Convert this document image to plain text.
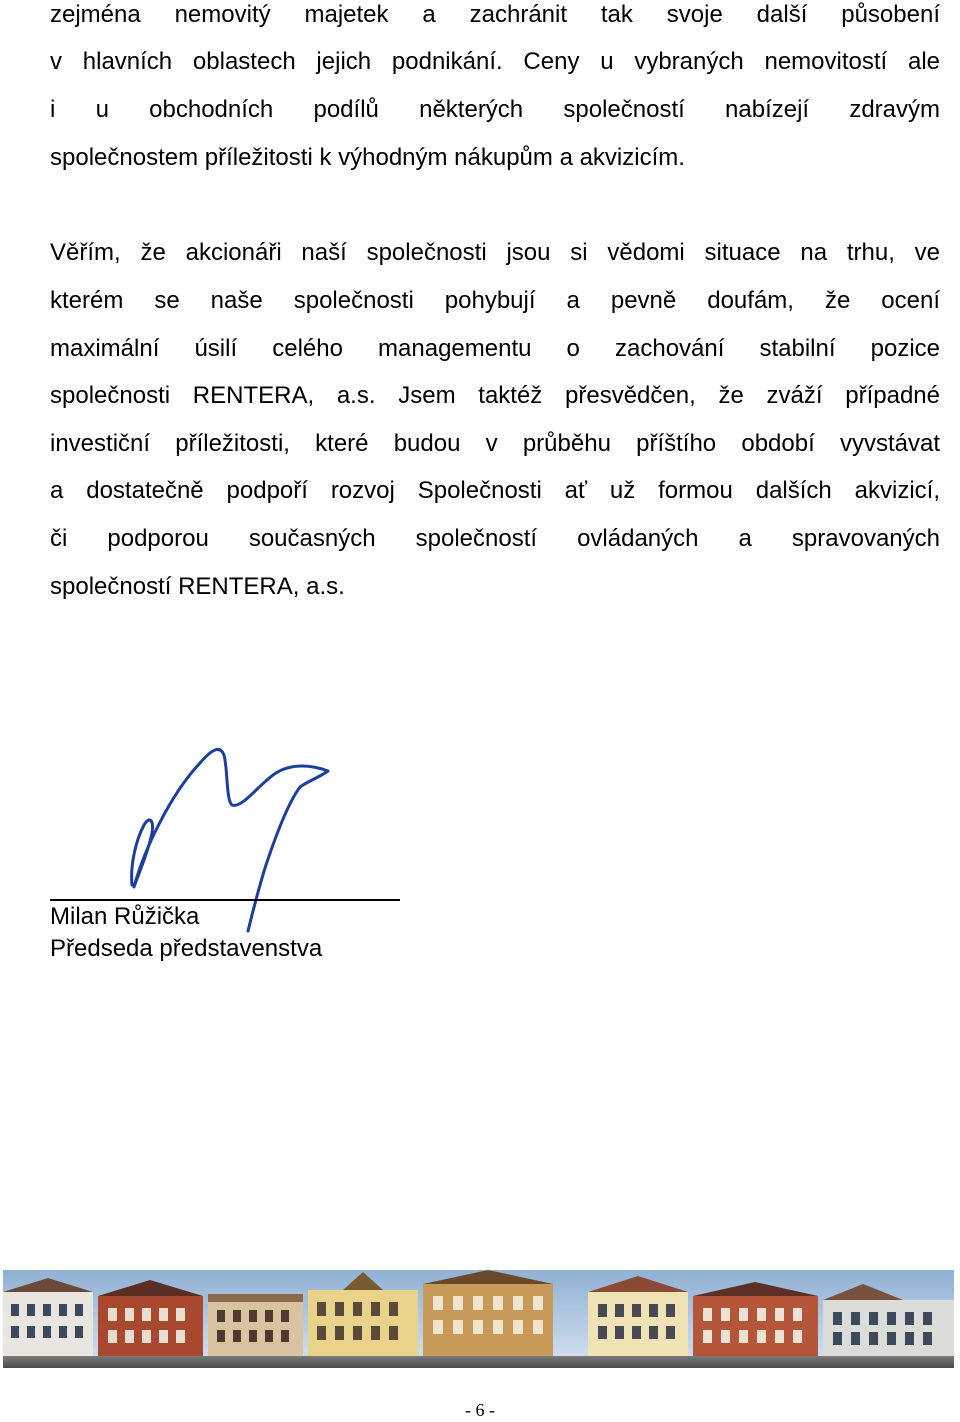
zejména nemovitý majetek a zachránit tak svoje další působení
v hlavních oblastech jejich podnikání. Ceny u vybraných nemovitostí ale
i u obchodních podílů některých společností nabízejí zdravým
společnostem příležitosti k výhodným nákupům a akvizicím.
Věřím, že akcionáři naší společnosti jsou si vědomi situace na trhu, ve
kterém se naše společnosti pohybují a pevně doufám, že ocení
maximální úsilí celého managementu o zachování stabilní pozice
společnosti RENTERA, a.s. Jsem taktéž přesvědčen, že zváží případné
investiční příležitosti, které budou v průběhu příštího období vyvstávat
a dostatečně podpoří rozvoj Společnosti ať už formou dalších akvizicí,
či podporou současných společností ovládaných a spravovaných
společností RENTERA, a.s.
Milan Růžička
Předseda představenstva
- 6 -
